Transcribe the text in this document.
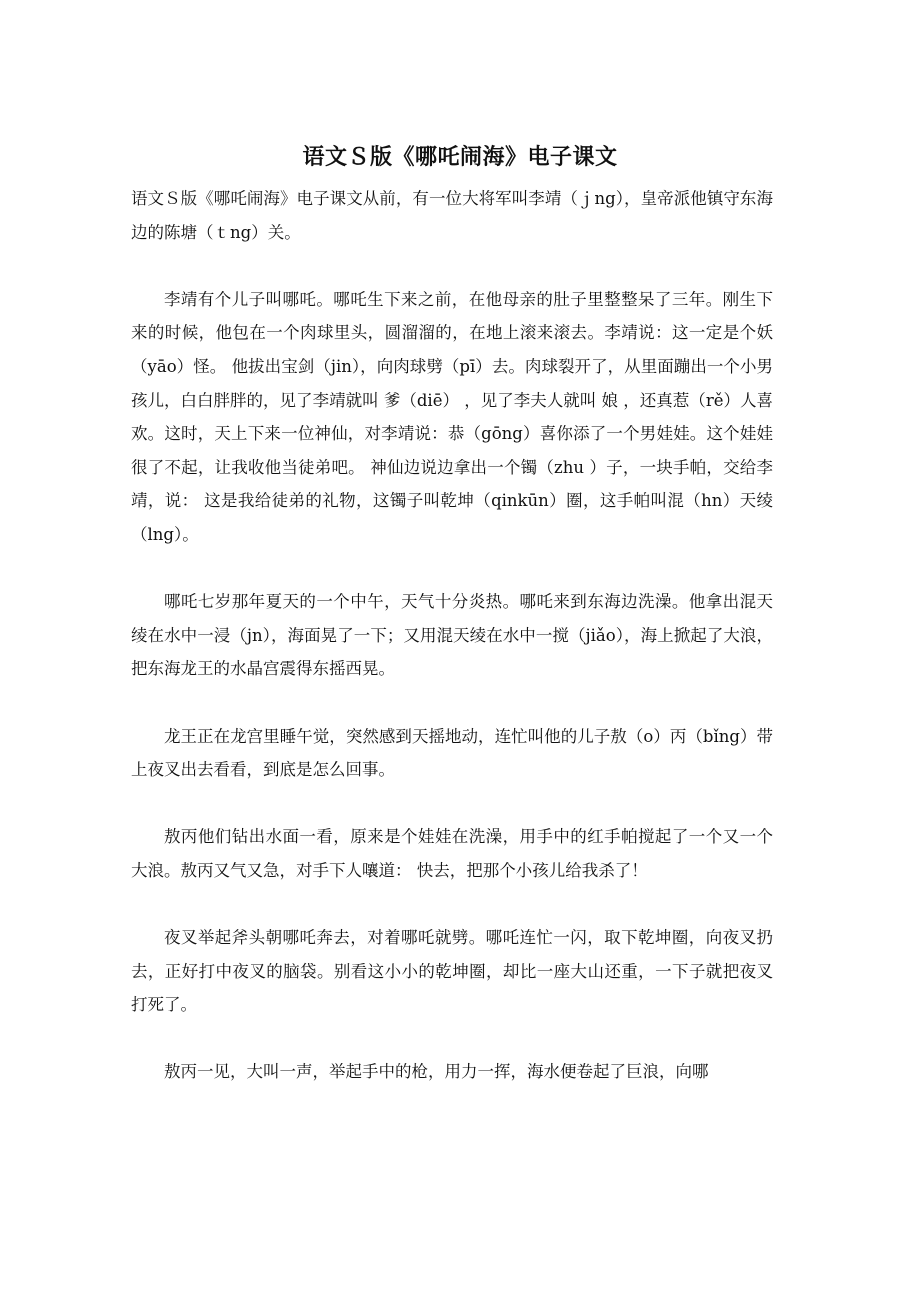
语文Ｓ版《哪吒闹海》电子课文

语文Ｓ版《哪吒闹海》电子课文从前，有一位大将军叫李靖（ｊng），皇帝派他镇守东海边的陈塘（ｔng）关。

李靖有个儿子叫哪吒。哪吒生下来之前，在他母亲的肚子里整整呆了三年。刚生下来的时候，他包在一个肉球里头，圆溜溜的，在地上滚来滚去。李靖说：这一定是个妖（yāo）怪。 他拔出宝剑（jin），向肉球劈（pī）去。肉球裂开了，从里面蹦出一个小男孩儿，白白胖胖的，见了李靖就叫 爹（diē） ，见了李夫人就叫 娘 ，还真惹（rě）人喜欢。这时，天上下来一位神仙，对李靖说：恭（gōng）喜你添了一个男娃娃。这个娃娃很了不起，让我收他当徒弟吧。 神仙边说边拿出一个镯（zhu ）子，一块手帕，交给李靖，说： 这是我给徒弟的礼物，这镯子叫乾坤（qinkūn）圈，这手帕叫混（hn）天绫（lng）。

哪吒七岁那年夏天的一个中午，天气十分炎热。哪吒来到东海边洗澡。他拿出混天绫在水中一浸（jn），海面晃了一下；又用混天绫在水中一搅（jiǎo），海上掀起了大浪，把东海龙王的水晶宫震得东摇西晃。

龙王正在龙宫里睡午觉，突然感到天摇地动，连忙叫他的儿子敖（o）丙（bǐng）带上夜叉出去看看，到底是怎么回事。

敖丙他们钻出水面一看，原来是个娃娃在洗澡，用手中的红手帕搅起了一个又一个大浪。敖丙又气又急，对手下人嚷道： 快去，把那个小孩儿给我杀了！

夜叉举起斧头朝哪吒奔去，对着哪吒就劈。哪吒连忙一闪，取下乾坤圈，向夜叉扔去，正好打中夜叉的脑袋。别看这小小的乾坤圈，却比一座大山还重，一下子就把夜叉打死了。

敖丙一见，大叫一声，举起手中的枪，用力一挥，海水便卷起了巨浪，向哪
